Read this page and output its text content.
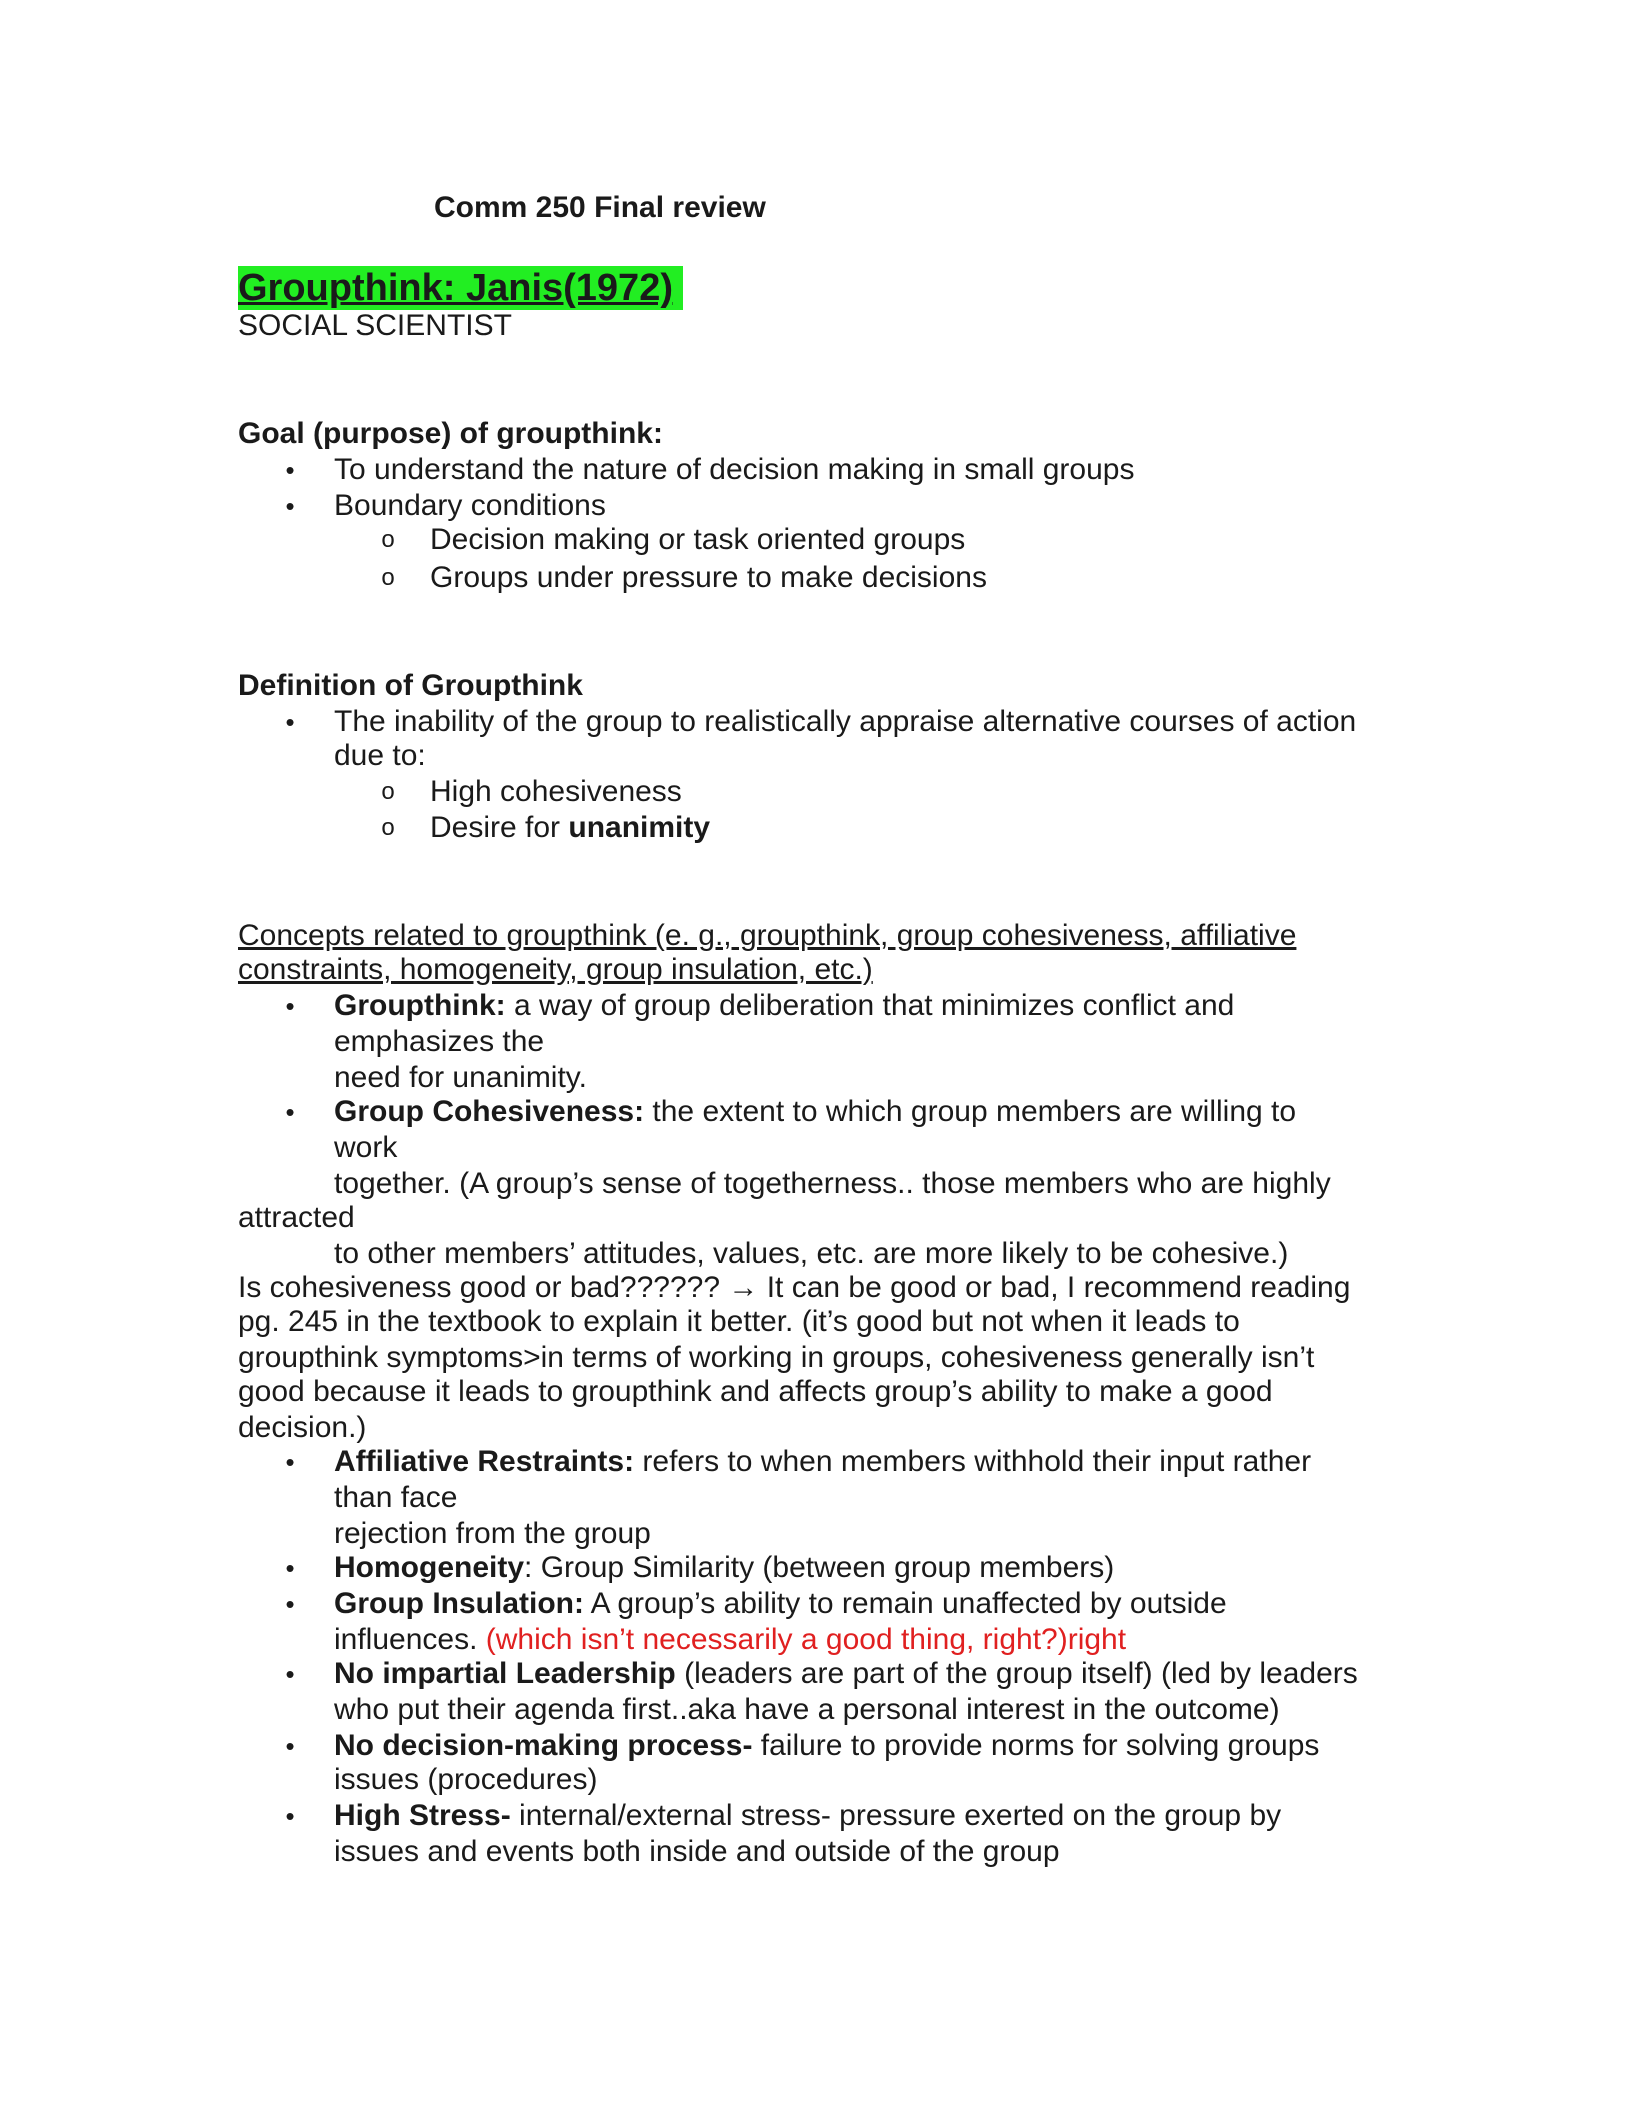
Comm 250 Final review
Groupthink: Janis(1972)
SOCIAL SCIENTIST
Goal (purpose) of groupthink:
• To understand the nature of decision making in small groups
• Boundary conditions
o Decision making or task oriented groups
o Groups under pressure to make decisions
Definition of Groupthink
• The inability of the group to realistically appraise alternative courses of action
due to:
o High cohesiveness
o Desire for unanimity
Concepts related to groupthink (e. g., groupthink, group cohesiveness, affiliative
constraints, homogeneity, group insulation, etc.)
• Groupthink: a way of group deliberation that minimizes conflict and
emphasizes the
need for unanimity.
• Group Cohesiveness: the extent to which group members are willing to
work
together. (A group’s sense of togetherness.. those members who are highly
attracted
to other members’ attitudes, values, etc. are more likely to be cohesive.)
Is cohesiveness good or bad?????? → It can be good or bad, I recommend reading
pg. 245 in the textbook to explain it better. (it’s good but not when it leads to
groupthink symptoms>in terms of working in groups, cohesiveness generally isn’t
good because it leads to groupthink and affects group’s ability to make a good
decision.)
• Affiliative Restraints: refers to when members withhold their input rather
than face
rejection from the group
• Homogeneity: Group Similarity (between group members)
• Group Insulation: A group’s ability to remain unaffected by outside
influences. (which isn’t necessarily a good thing, right?)right
• No impartial Leadership (leaders are part of the group itself) (led by leaders
who put their agenda first..aka have a personal interest in the outcome)
• No decision-making process- failure to provide norms for solving groups
issues (procedures)
• High Stress- internal/external stress- pressure exerted on the group by
issues and events both inside and outside of the group
